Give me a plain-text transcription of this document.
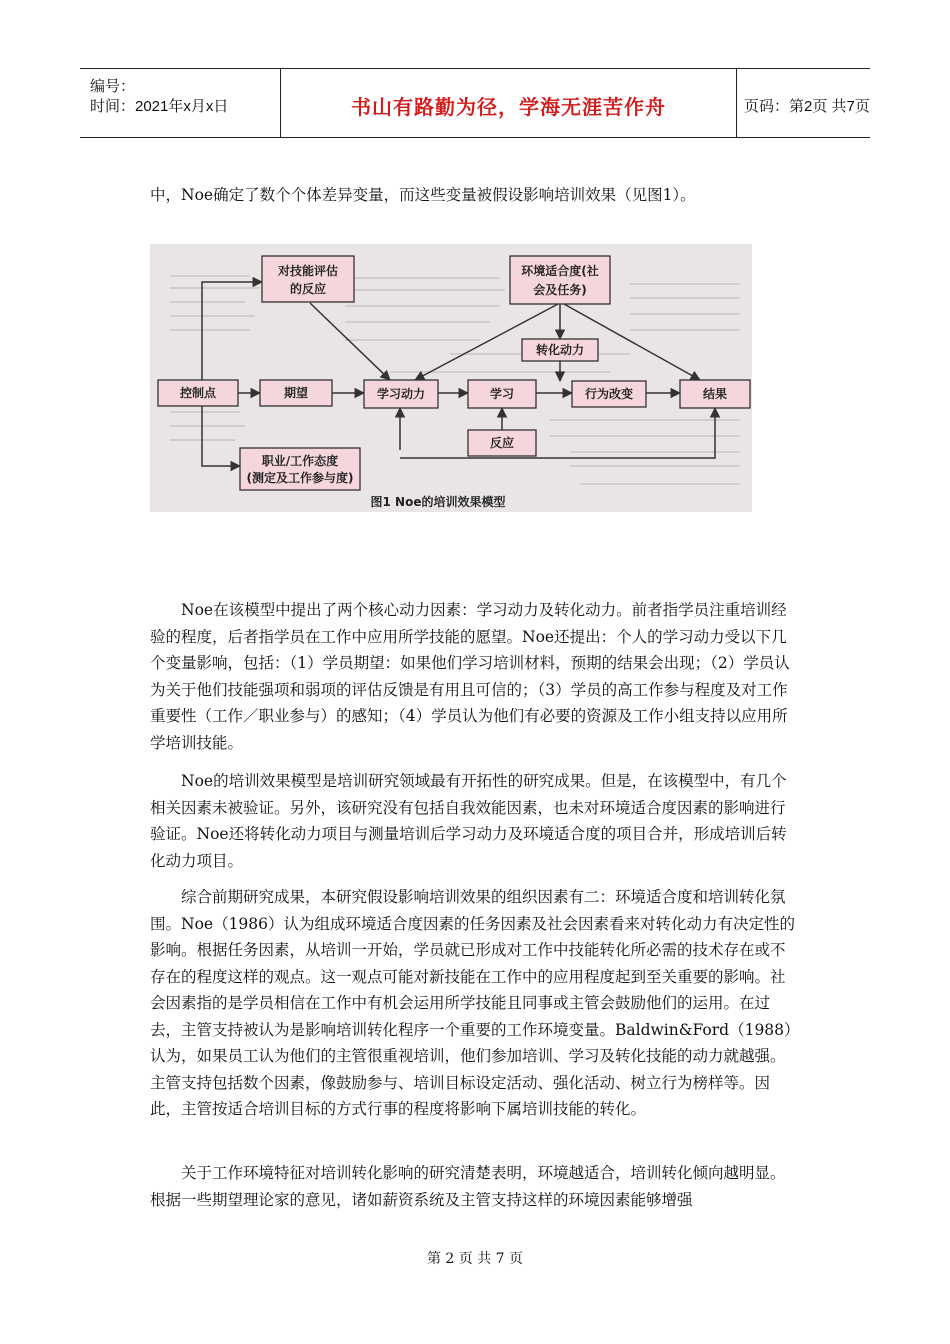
编号：
时间：2021年x月x日	书山有路勤为径，学海无涯苦作舟	页码：第2页 共7页
中，Noe确定了数个个体差异变量，而这些变量被假设影响培训效果（见图1）。
控制点	期望
对技能评估
的反应
环境适合度(社
会及任务)
转化动力
学习动力	学习	行为改变	结果
反应
职业/工作态度
(测定及工作参与度)
图1 Noe的培训效果模型
Noe在该模型中提出了两个核心动力因素：学习动力及转化动力。前者指学员注重培训经验的程度，后者指学员在工作中应用所学技能的愿望。Noe还提出：个人的学习动力受以下几个变量影响，包括：（1）学员期望：如果他们学习培训材料，预期的结果会出现；（2）学员认为关于他们技能强项和弱项的评估反馈是有用且可信的；（3）学员的高工作参与程度及对工作重要性（工作／职业参与）的感知；（4）学员认为他们有必要的资源及工作小组支持以应用所学培训技能。
Noe的培训效果模型是培训研究领域最有开拓性的研究成果。但是，在该模型中，有几个相关因素未被验证。另外，该研究没有包括自我效能因素，也未对环境适合度因素的影响进行验证。Noe还将转化动力项目与测量培训后学习动力及环境适合度的项目合并，形成培训后转化动力项目。
综合前期研究成果，本研究假设影响培训效果的组织因素有二：环境适合度和培训转化氛围。Noe（1986）认为组成环境适合度因素的任务因素及社会因素看来对转化动力有决定性的影响。根据任务因素，从培训一开始，学员就已形成对工作中技能转化所必需的技术存在或不存在的程度这样的观点。这一观点可能对新技能在工作中的应用程度起到至关重要的影响。社会因素指的是学员相信在工作中有机会运用所学技能且同事或主管会鼓励他们的运用。在过去，主管支持被认为是影响培训转化程序一个重要的工作环境变量。Baldwin&Ford（1988）认为，如果员工认为他们的主管很重视培训，他们参加培训、学习及转化技能的动力就越强。主管支持包括数个因素，像鼓励参与、培训目标设定活动、强化活动、树立行为榜样等。因此，主管按适合培训目标的方式行事的程度将影响下属培训技能的转化。
关于工作环境特征对培训转化影响的研究清楚表明，环境越适合，培训转化倾向越明显。根据一些期望理论家的意见，诸如薪资系统及主管支持这样的环境因素能够增强
第 2 页 共 7 页
